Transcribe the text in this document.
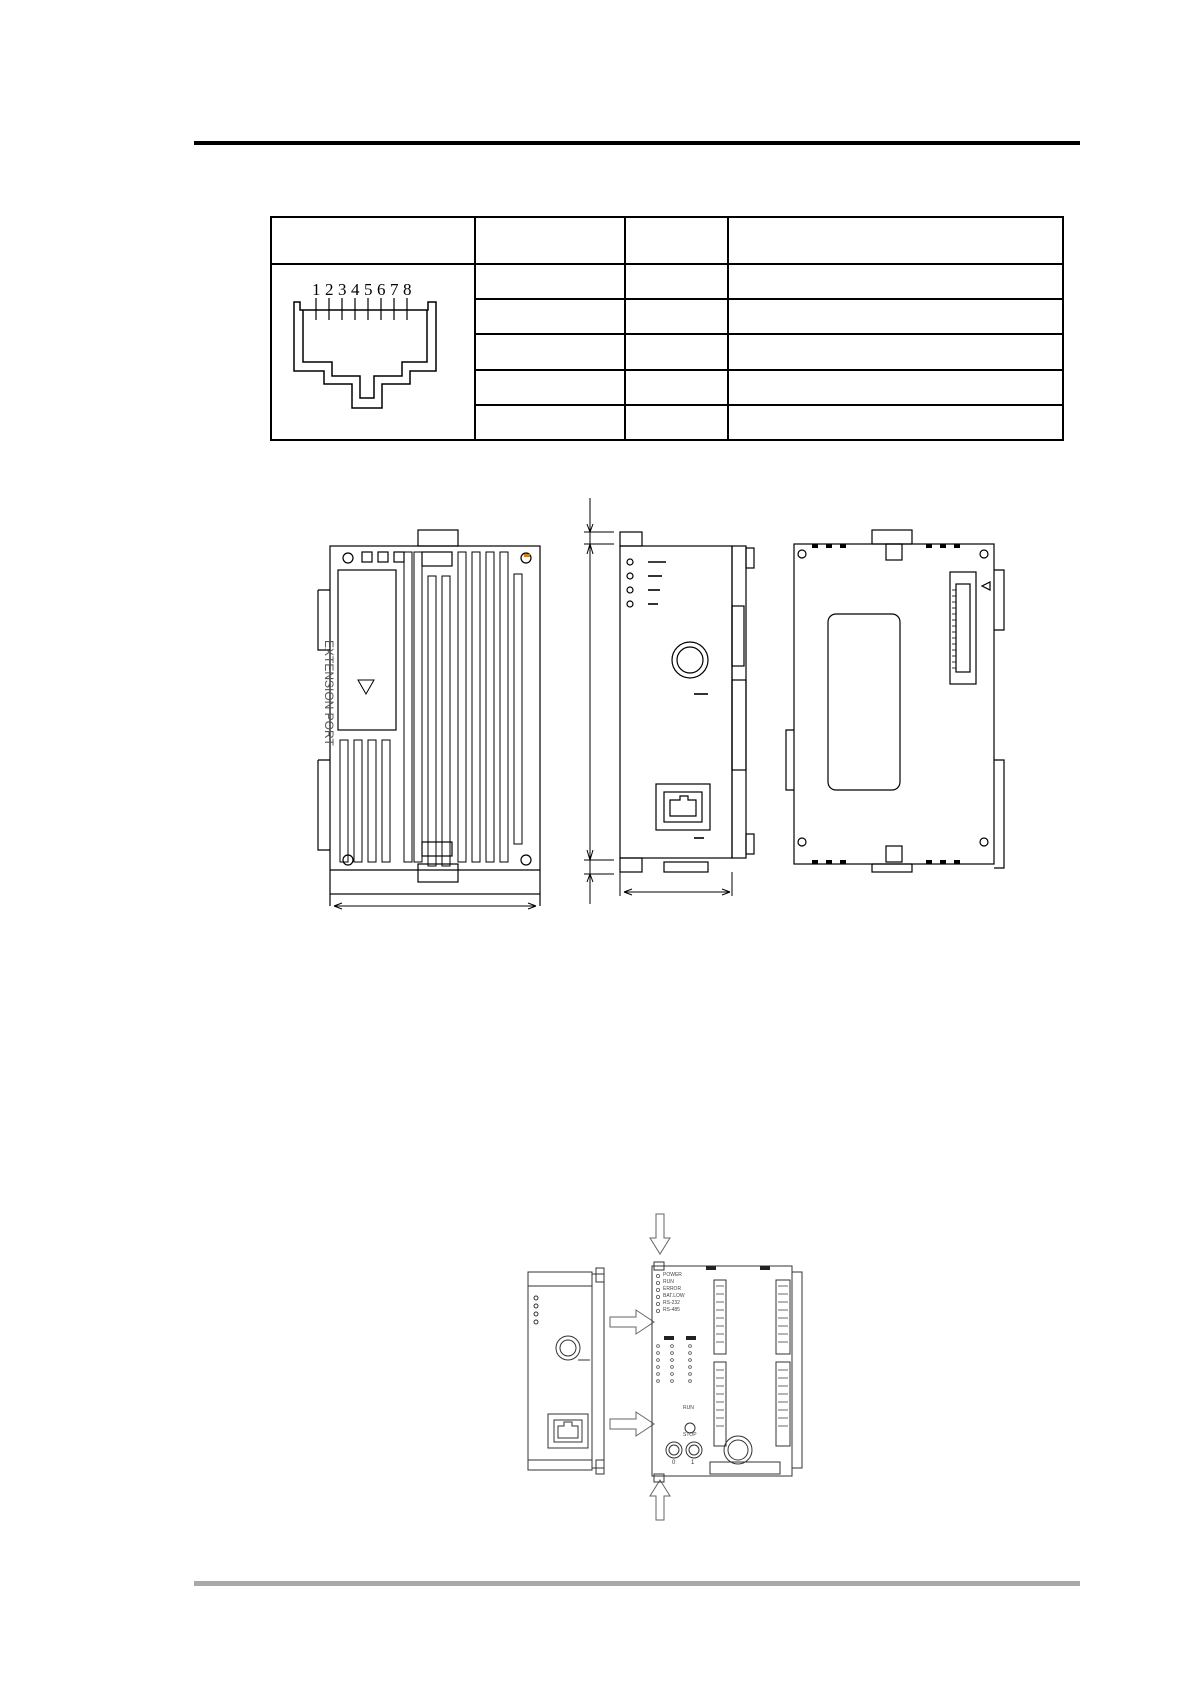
1 2 3 4 5 6 7 8
EXTENSION PORT
POWER
RUN
ERROR
BAT.LOW
RS-232
RS-485
RUN
STOP
0	1
